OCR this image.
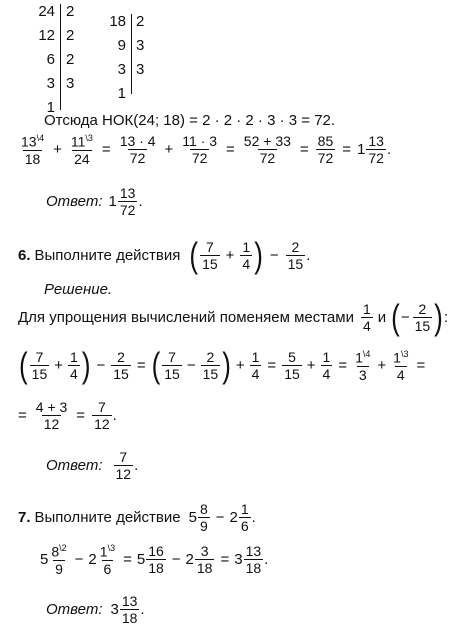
24
12
6
3
1
2
2
2
3
18
9
3
1
2
3
3
Отсюда НОК(24; 18) = 2 · 2 · 2 · 3 · 3 = 72.
$\frac{13^{\backslash 4}}{18} + \frac{11^{\backslash 3}}{24} = \frac{13 \cdot 4}{72} + \frac{11 \cdot 3}{72} = \frac{52 + 33}{72} = \frac{85}{72} = 1 \frac{13}{72}$ .
Ответ: $1 \frac{13}{72}$ .
6. Выполните действия ( $\frac{7}{15} + \frac{1}{4}$ ) − $\frac{2}{15}$ .
Решение.
Для упрощения вычислений поменяем местами $\frac{1}{4}$ и ( − $\frac{2}{15}$ ) :
( $\frac{7}{15} + \frac{1}{4}$ ) − $\frac{2}{15}$ = ( $\frac{7}{15} - \frac{2}{15}$ ) + $\frac{1}{4} = \frac{5}{15} + \frac{1}{4} = \frac{1^{\backslash 4}}{3} + \frac{1^{\backslash 3}}{4}$ =
= $\frac{4 + 3}{12} = \frac{7}{12}$ .
Ответ: $\frac{7}{12}$ .
7. Выполните действие $5 \frac{8}{9} - 2 \frac{1}{6}$ .
$5 \frac{8^{\backslash 2}}{9} - 2 \frac{1^{\backslash 3}}{6} = 5 \frac{16}{18} - 2 \frac{3}{18} = 3 \frac{13}{18}$ .
Ответ: $3 \frac{13}{18}$ .
